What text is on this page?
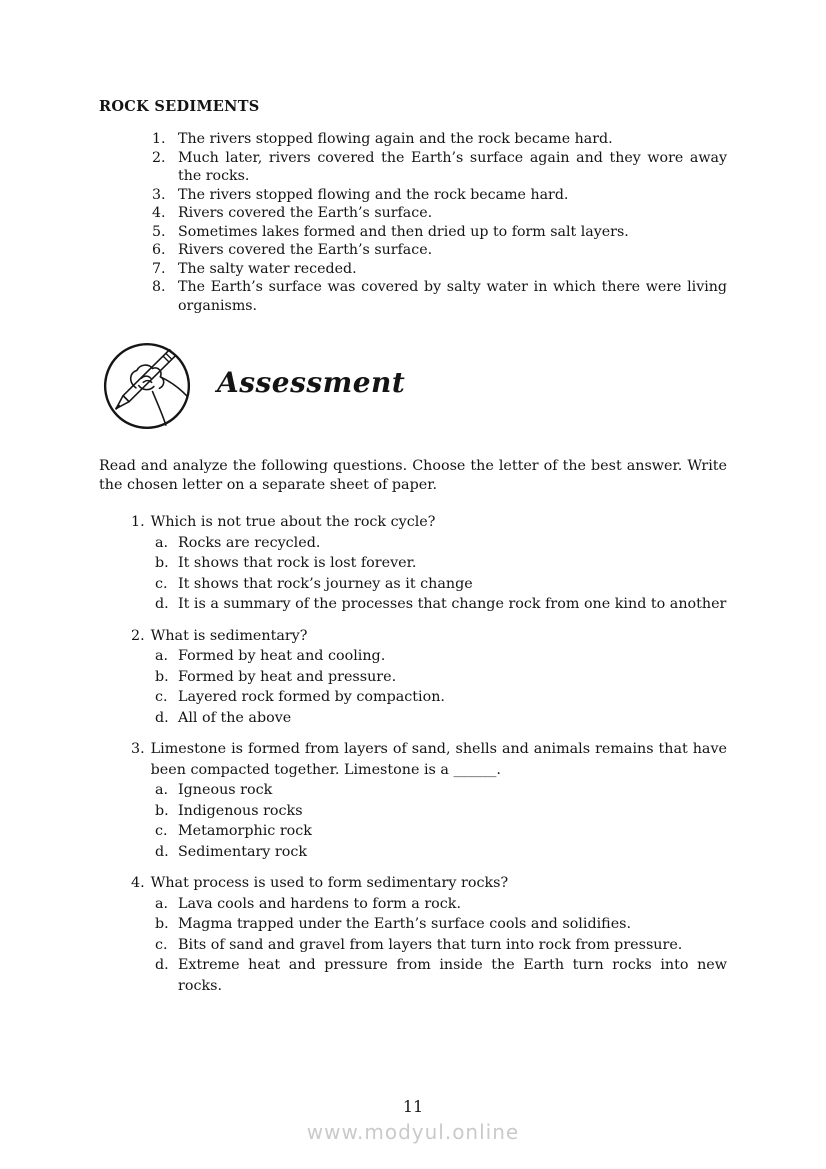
ROCK SEDIMENTS
1. The rivers stopped flowing again and the rock became hard.
2. Much later, rivers covered the Earth’s surface again and they wore away the rocks.
3. The rivers stopped flowing and the rock became hard.
4. Rivers covered the Earth’s surface.
5. Sometimes lakes formed and then dried up to form salt layers.
6. Rivers covered the Earth’s surface.
7. The salty water receded.
8. The Earth’s surface was covered by salty water in which there were living organisms.
Assessment

Read and analyze the following questions. Choose the letter of the best answer. Write the chosen letter on a separate sheet of paper.

1. Which is not true about the rock cycle?
a. Rocks are recycled.
b. It shows that rock is lost forever.
c. It shows that rock’s journey as it change
d. It is a summary of the processes that change rock from one kind to another
2. What is sedimentary?
a. Formed by heat and cooling.
b. Formed by heat and pressure.
c. Layered rock formed by compaction.
d. All of the above
3. Limestone is formed from layers of sand, shells and animals remains that have been compacted together. Limestone is a ______.
a. Igneous rock
b. Indigenous rocks
c. Metamorphic rock
d. Sedimentary rock
4. What process is used to form sedimentary rocks?
a. Lava cools and hardens to form a rock.
b. Magma trapped under the Earth’s surface cools and solidifies.
c. Bits of sand and gravel from layers that turn into rock from pressure.
d. Extreme heat and pressure from inside the Earth turn rocks into new rocks.
11
www.modyul.online
